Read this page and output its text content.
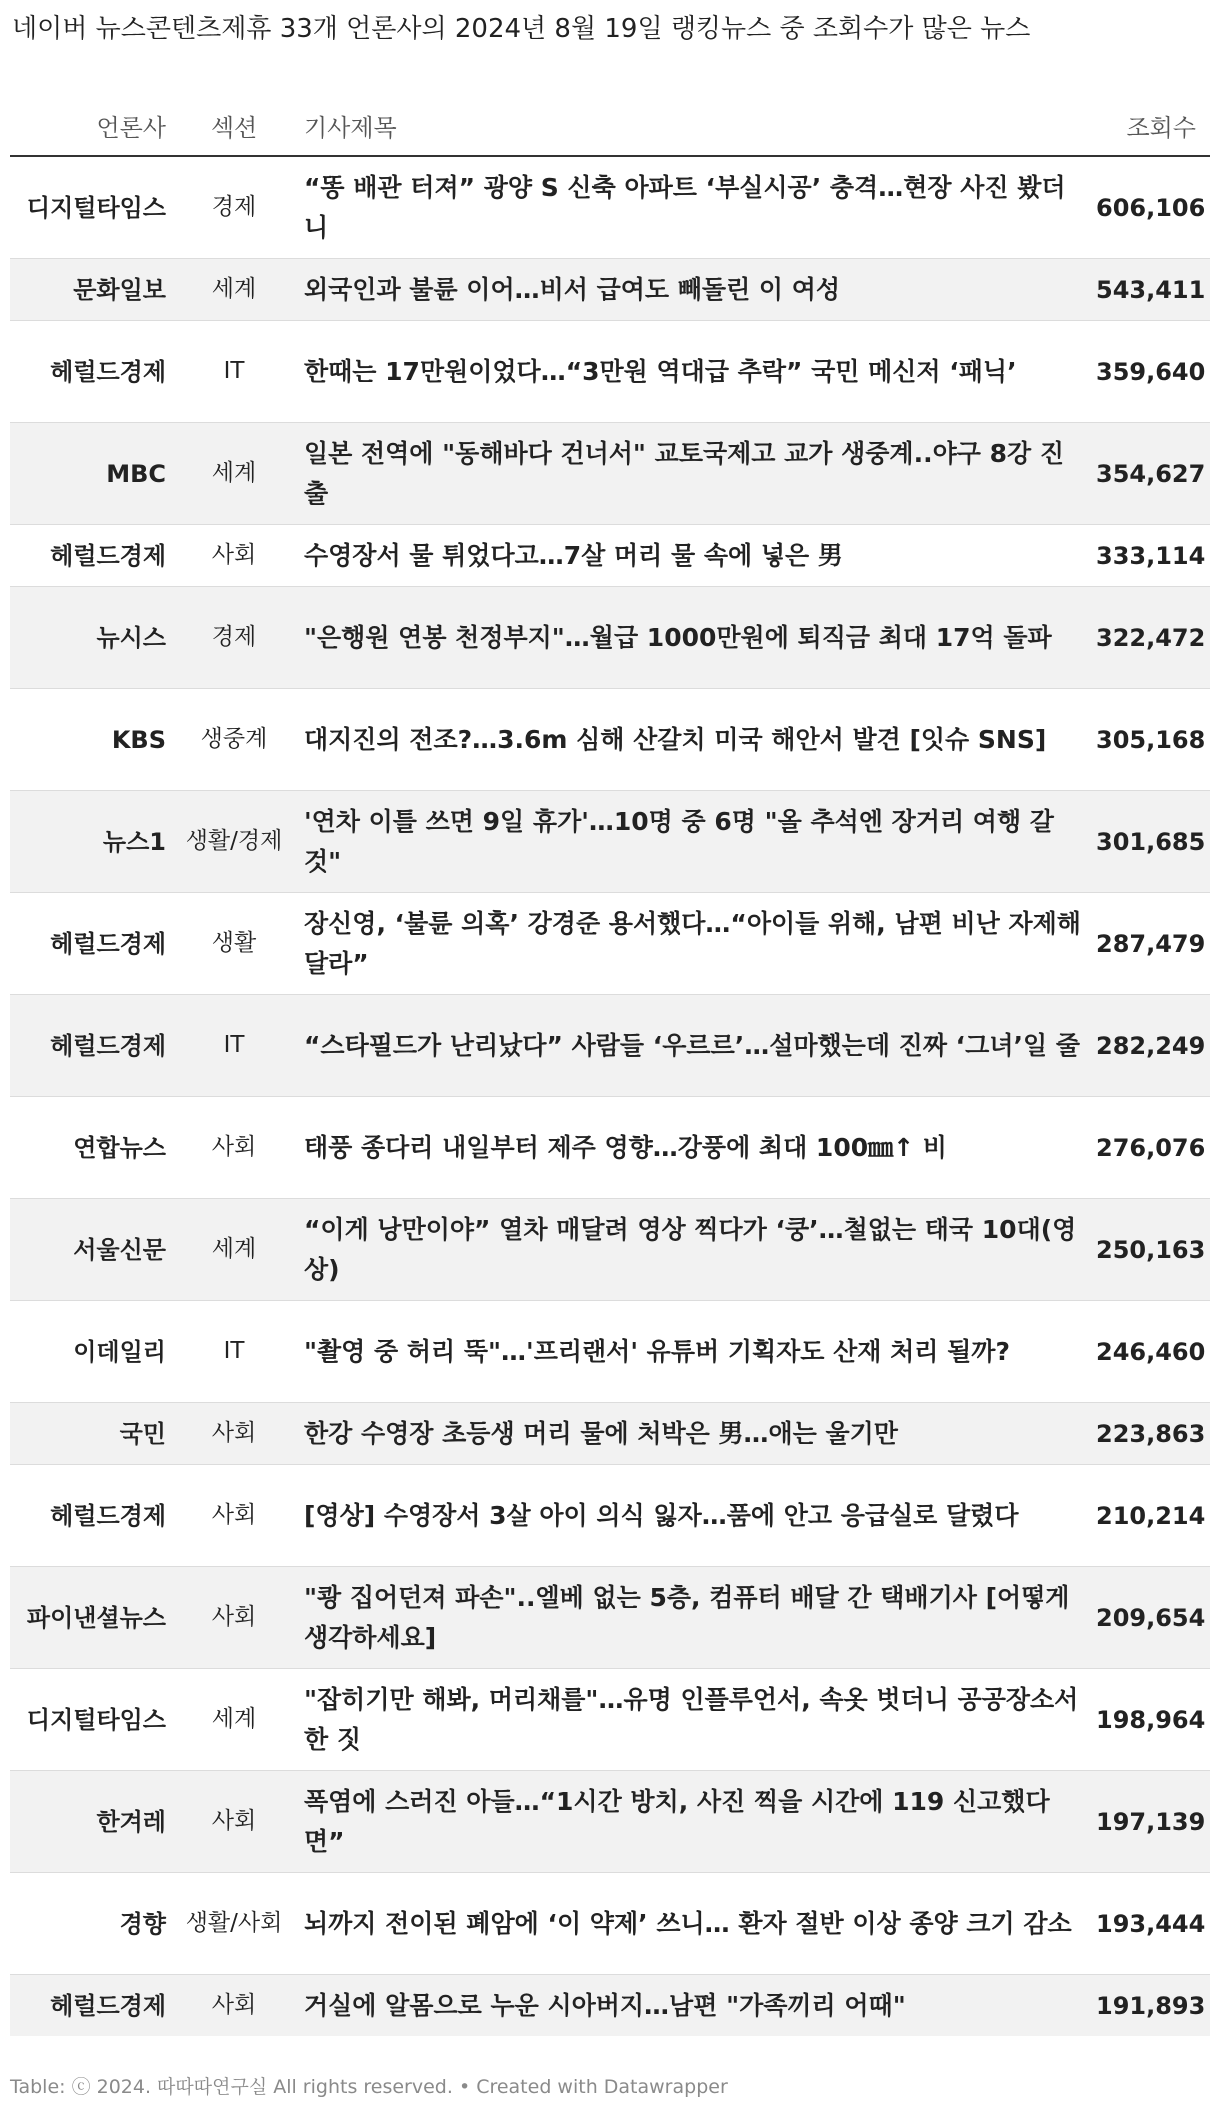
네이버 뉴스콘텐츠제휴 33개 언론사의 2024년 8월 19일 랭킹뉴스 중 조회수가 많은 뉴스
언론사	섹션	기사제목	조회수
디지털타임스	경제	“똥 배관 터져” 광양 S 신축 아파트 ‘부실시공’ 충격…현장 사진 봤더니	606,106
문화일보	세계	외국인과 불륜 이어…비서 급여도 빼돌린 이 여성	543,411
헤럴드경제	IT	한때는 17만원이었다…“3만원 역대급 추락” 국민 메신저 ‘패닉’	359,640
MBC	세계	일본 전역에 "동해바다 건너서" 교토국제고 교가 생중계..야구 8강 진출	354,627
헤럴드경제	사회	수영장서 물 튀었다고…7살 머리 물 속에 넣은 男	333,114
뉴시스	경제	"은행원 연봉 천정부지"…월급 1000만원에 퇴직금 최대 17억 돌파	322,472
KBS	생중계	대지진의 전조?…3.6m 심해 산갈치 미국 해안서 발견 [잇슈 SNS]	305,168
뉴스1	생활/경제	'연차 이틀 쓰면 9일 휴가'…10명 중 6명 "올 추석엔 장거리 여행 갈 것"	301,685
헤럴드경제	생활	장신영, ‘불륜 의혹’ 강경준 용서했다…“아이들 위해, 남편 비난 자제해달라”	287,479
헤럴드경제	IT	“스타필드가 난리났다” 사람들 ‘우르르’…설마했는데 진짜 ‘그녀’일 줄	282,249
연합뉴스	사회	태풍 종다리 내일부터 제주 영향…강풍에 최대 100㎜↑ 비	276,076
서울신문	세계	“이게 낭만이야” 열차 매달려 영상 찍다가 ‘쿵’…철없는 태국 10대(영상)	250,163
이데일리	IT	"촬영 중 허리 뚝"…'프리랜서' 유튜버 기획자도 산재 처리 될까?	246,460
국민	사회	한강 수영장 초등생 머리 물에 처박은 男…애는 울기만	223,863
헤럴드경제	사회	[영상] 수영장서 3살 아이 의식 잃자…품에 안고 응급실로 달렸다	210,214
파이낸셜뉴스	사회	"쾅 집어던져 파손"..엘베 없는 5층, 컴퓨터 배달 간 택배기사 [어떻게 생각하세요]	209,654
디지털타임스	세계	"잡히기만 해봐, 머리채를"…유명 인플루언서, 속옷 벗더니 공공장소서 한 짓	198,964
한겨레	사회	폭염에 스러진 아들…“1시간 방치, 사진 찍을 시간에 119 신고했다면”	197,139
경향	생활/사회	뇌까지 전이된 폐암에 ‘이 약제’ 쓰니… 환자 절반 이상 종양 크기 감소	193,444
헤럴드경제	사회	거실에 알몸으로 누운 시아버지…남편 "가족끼리 어때"	191,893
Table: ⓒ 2024. 따따따연구실 All rights reserved. • Created with Datawrapper
